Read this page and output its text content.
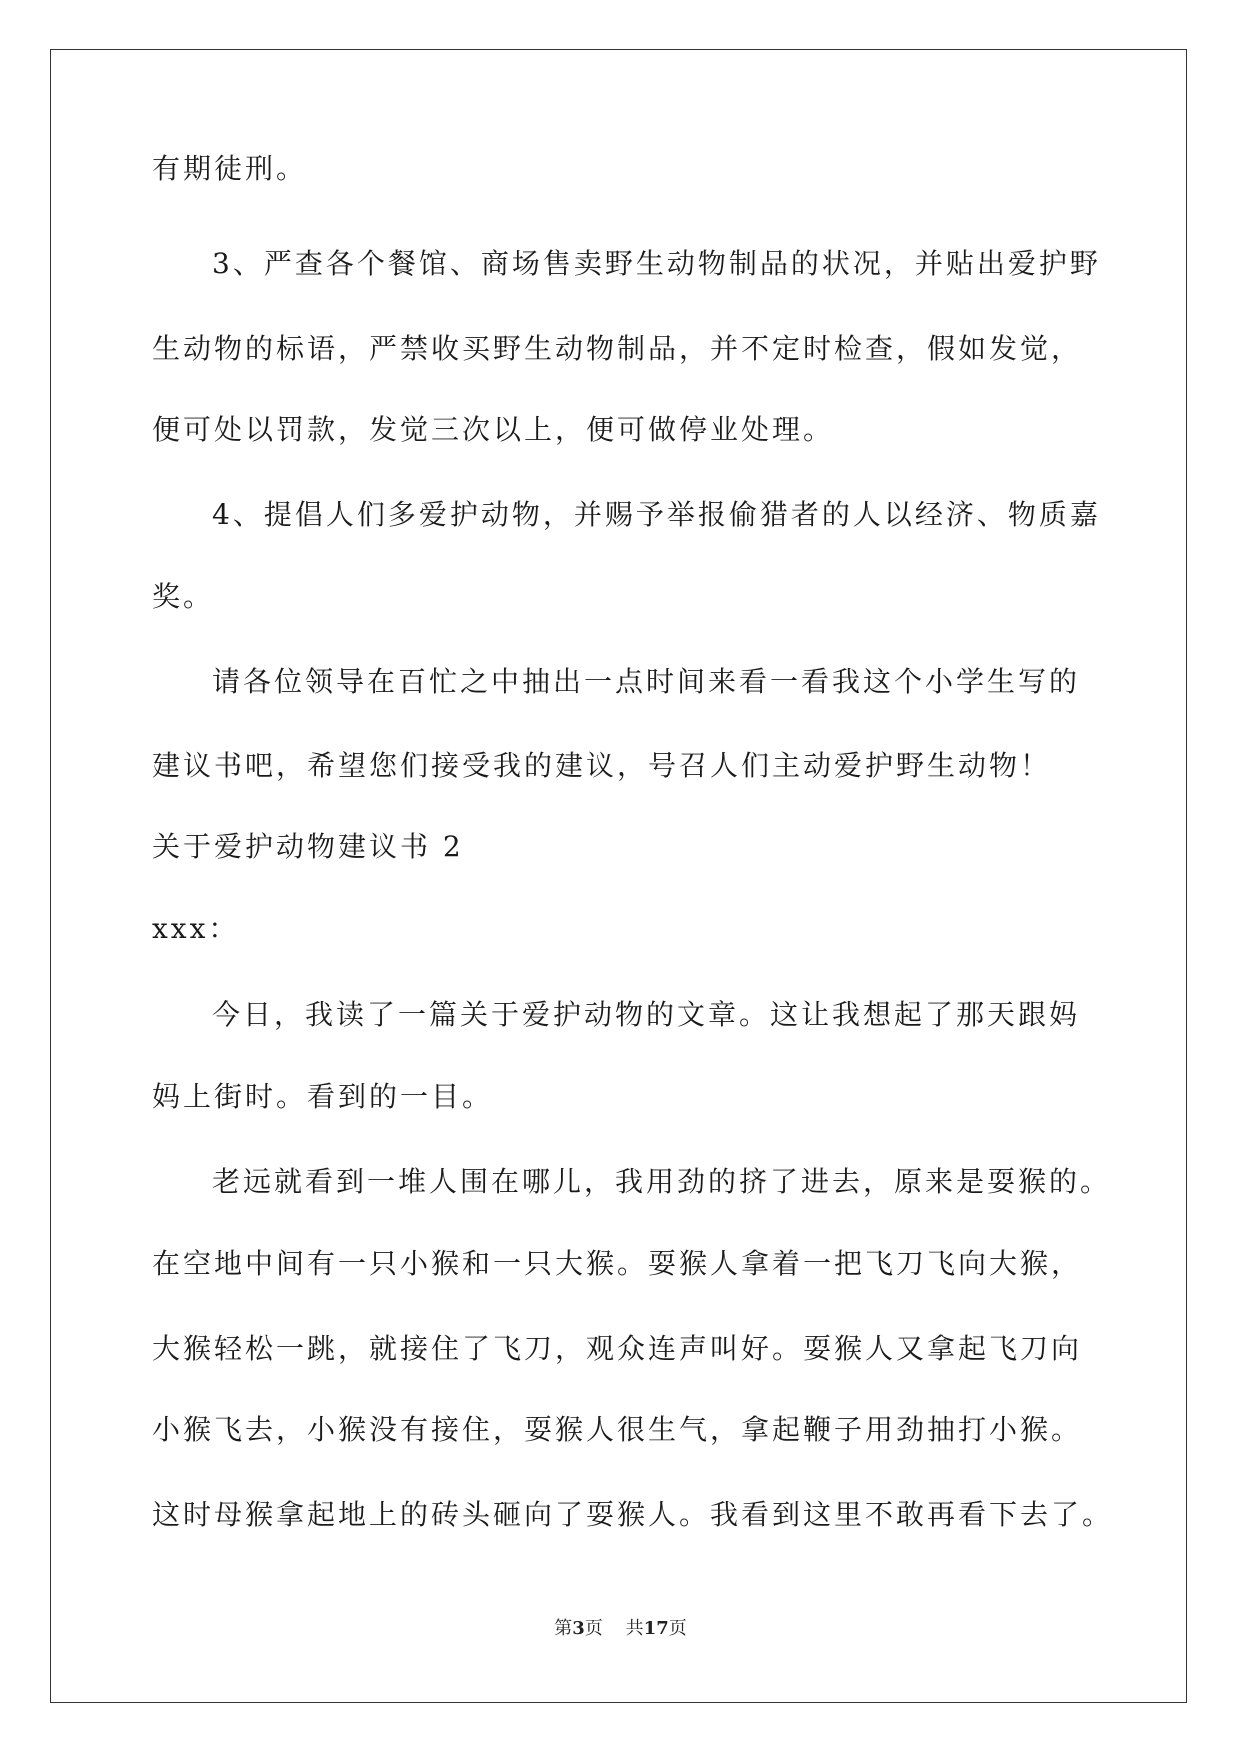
有期徒刑。
3、严查各个餐馆、商场售卖野生动物制品的状况，并贴出爱护野
生动物的标语，严禁收买野生动物制品，并不定时检查，假如发觉，
便可处以罚款，发觉三次以上，便可做停业处理。
4、提倡人们多爱护动物，并赐予举报偷猎者的人以经济、物质嘉
奖。
请各位领导在百忙之中抽出一点时间来看一看我这个小学生写的
建议书吧，希望您们接受我的建议，号召人们主动爱护野生动物！
关于爱护动物建议书 2
xxx：
今日，我读了一篇关于爱护动物的文章。这让我想起了那天跟妈
妈上街时。看到的一目。
老远就看到一堆人围在哪儿，我用劲的挤了进去，原来是耍猴的。
在空地中间有一只小猴和一只大猴。耍猴人拿着一把飞刀飞向大猴，
大猴轻松一跳，就接住了飞刀，观众连声叫好。耍猴人又拿起飞刀向
小猴飞去，小猴没有接住，耍猴人很生气，拿起鞭子用劲抽打小猴。
这时母猴拿起地上的砖头砸向了耍猴人。我看到这里不敢再看下去了。
第3页    共17页
